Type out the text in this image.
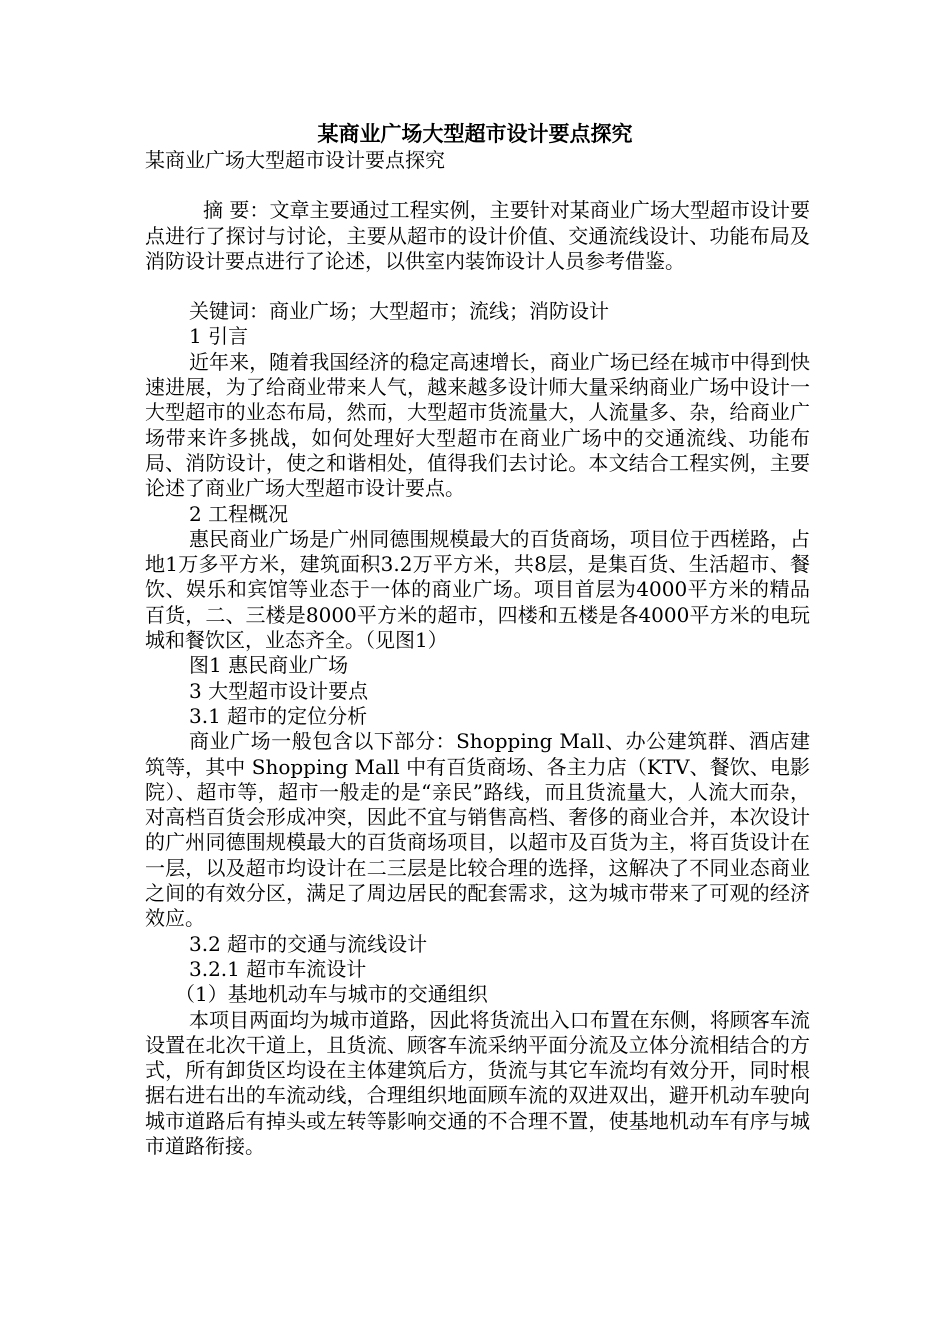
某商业广场大型超市设计要点探究

某商业广场大型超市设计要点探究

摘 要：文章主要通过工程实例，主要针对某商业广场大型超市设计要点进行了探讨与讨论，主要从超市的设计价值、交通流线设计、功能布局及消防设计要点进行了论述，以供室内装饰设计人员参考借鉴。

关键词：商业广场；大型超市；流线；消防设计

1 引言

近年来，随着我国经济的稳定高速增长，商业广场已经在城市中得到快速进展，为了给商业带来人气，越来越多设计师大量采纳商业广场中设计一大型超市的业态布局，然而，大型超市货流量大，人流量多、杂，给商业广场带来许多挑战，如何处理好大型超市在商业广场中的交通流线、功能布局、消防设计，使之和谐相处，值得我们去讨论。本文结合工程实例，主要论述了商业广场大型超市设计要点。

2 工程概况

惠民商业广场是广州同德围规模最大的百货商场，项目位于西槎路，占地1万多平方米，建筑面积3.2万平方米，共8层，是集百货、生活超市、餐饮、娱乐和宾馆等业态于一体的商业广场。项目首层为4000平方米的精品百货，二、三楼是8000平方米的超市，四楼和五楼是各4000平方米的电玩城和餐饮区，业态齐全。（见图1）

图1 惠民商业广场

3 大型超市设计要点

3.1 超市的定位分析

商业广场一般包含以下部分：Shopping Mall、办公建筑群、酒店建筑等，其中 Shopping Mall 中有百货商场、各主力店（KTV、餐饮、电影院）、超市等，超市一般走的是“亲民”路线，而且货流量大，人流大而杂，对高档百货会形成冲突，因此不宜与销售高档、奢侈的商业合并，本次设计的广州同德围规模最大的百货商场项目，以超市及百货为主，将百货设计在一层，以及超市均设计在二三层是比较合理的选择，这解决了不同业态商业之间的有效分区，满足了周边居民的配套需求，这为城市带来了可观的经济效应。

3.2 超市的交通与流线设计

3.2.1 超市车流设计

（1）基地机动车与城市的交通组织

本项目两面均为城市道路，因此将货流出入口布置在东侧，将顾客车流设置在北次干道上，且货流、顾客车流采纳平面分流及立体分流相结合的方式，所有卸货区均设在主体建筑后方，货流与其它车流均有效分开，同时根据右进右出的车流动线，合理组织地面顾车流的双进双出，避开机动车驶向城市道路后有掉头或左转等影响交通的不合理不置，使基地机动车有序与城市道路衔接。
